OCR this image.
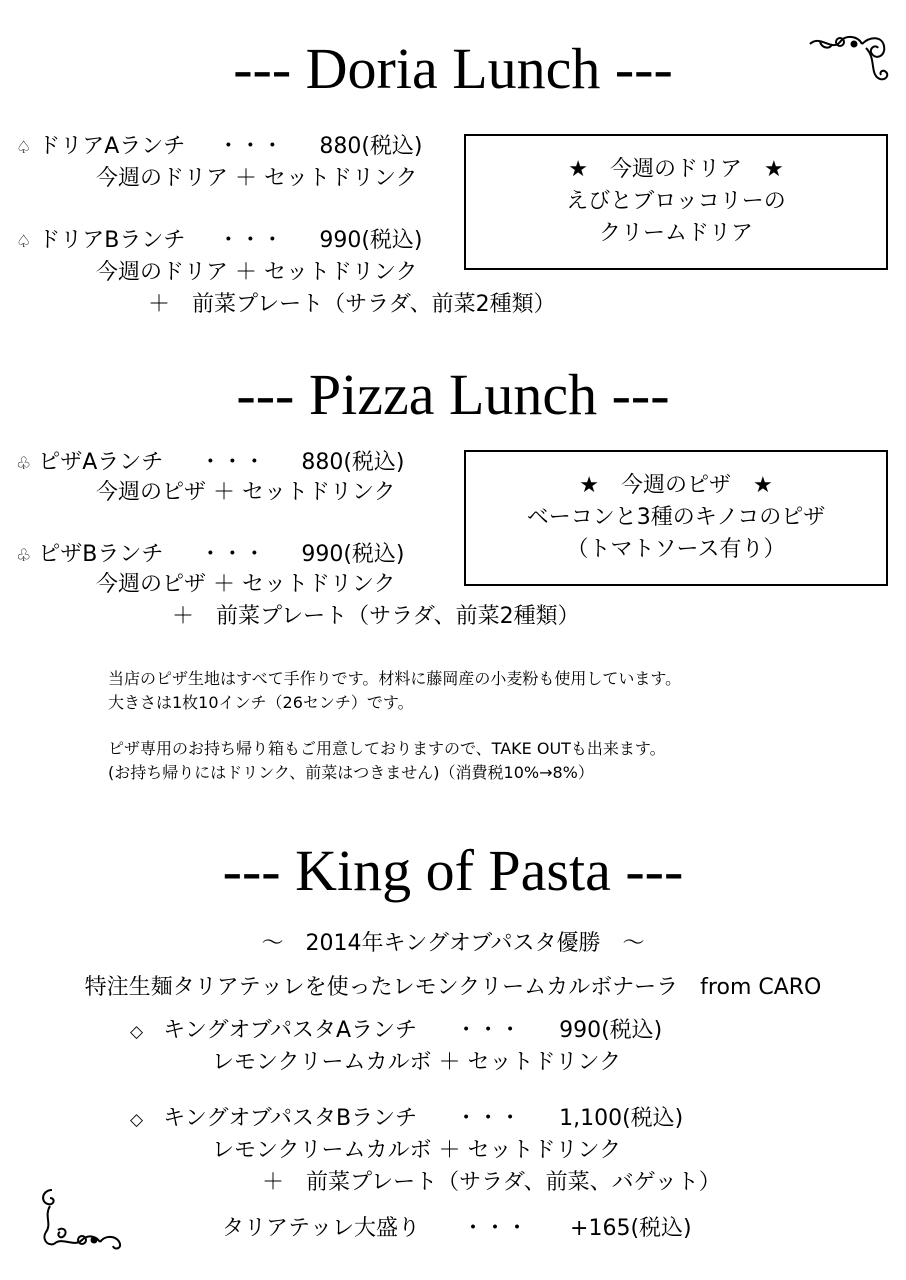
--- Doria Lunch ---
♤ ドリアAランチ ・・・ 880(税込)
今週のドリア ＋ セットドリンク
♤ ドリアBランチ ・・・ 990(税込)
今週のドリア ＋ セットドリンク
＋　前菜プレート（サラダ、前菜2種類）
★　今週のドリア　★
えびとブロッコリーの
クリームドリア
--- Pizza Lunch ---
♧ ピザAランチ ・・・ 880(税込)
今週のピザ ＋ セットドリンク
♧ ピザBランチ ・・・ 990(税込)
今週のピザ ＋ セットドリンク
＋　前菜プレート（サラダ、前菜2種類）
★　今週のピザ　★
ベーコンと3種のキノコのピザ
（トマトソース有り）
当店のピザ生地はすべて手作りです。材料に藤岡産の小麦粉も使用しています。
大きさは1枚10インチ（26センチ）です。
ピザ専用のお持ち帰り箱もご用意しておりますので、TAKE OUTも出来ます。
(お持ち帰りにはドリンク、前菜はつきません)（消費税10%→8%）
--- King of Pasta ---
～　2014年キングオブパスタ優勝　～
特注生麺タリアテッレを使ったレモンクリームカルボナーラ　from CARO
◇ キングオブパスタAランチ ・・・ 990(税込)
レモンクリームカルボ ＋ セットドリンク
◇ キングオブパスタBランチ ・・・ 1,100(税込)
レモンクリームカルボ ＋ セットドリンク
＋　前菜プレート（サラダ、前菜、バゲット）
タリアテッレ大盛り ・・・ +165(税込)
